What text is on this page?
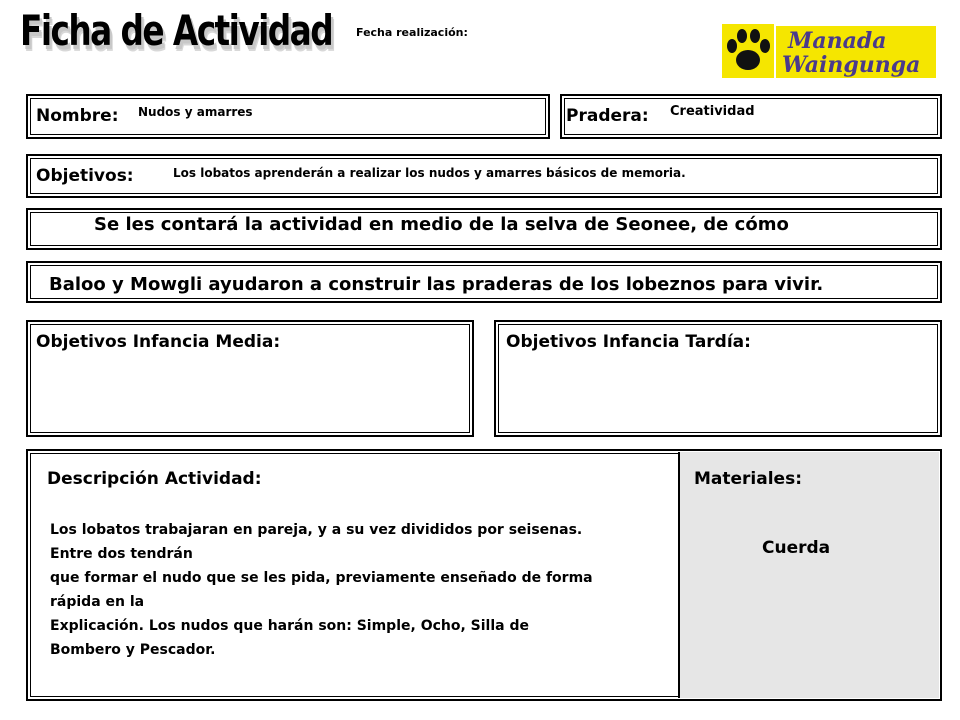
Ficha de Actividad Fecha realización:	Manada
Waingunga
Nombre: Nudos y amarres	Pradera: Creatividad
Objetivos:	Los lobatos aprenderán a realizar los nudos y amarres básicos de memoria.
Se les contará la actividad en medio de la selva de Seonee, de cómo
Baloo y Mowgli ayudaron a construir las praderas de los lobeznos para vivir.
Objetivos Infancia Media:	Objetivos Infancia Tardía:
Descripción Actividad:	Materiales:
Cuerda
Los lobatos trabajaran en pareja, y a su vez divididos por seisenas.
Entre dos tendrán
que formar el nudo que se les pida, previamente enseñado de forma
rápida en la
Explicación. Los nudos que harán son: Simple, Ocho, Silla de
Bombero y Pescador.
